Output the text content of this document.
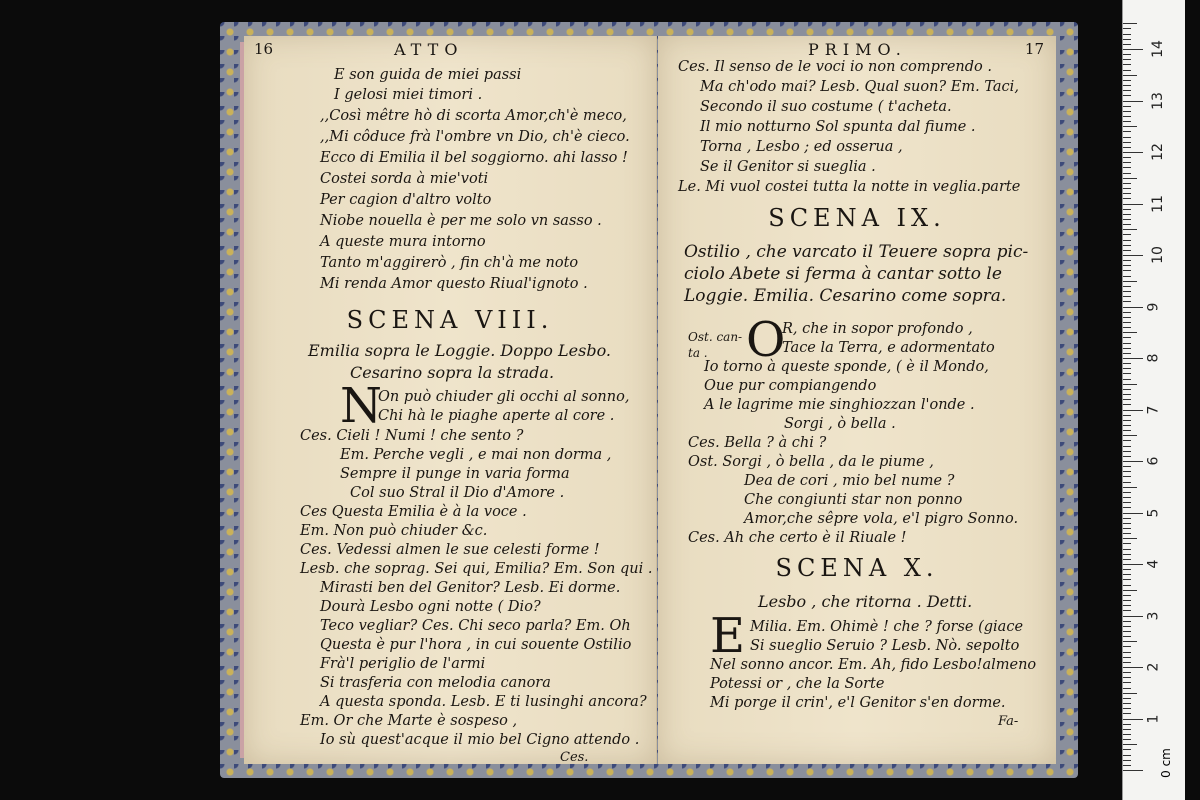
16	ATTO
E son guida de miei passi
I gelosi miei timori .
,,Così mêtre hò di scorta Amor,ch'è meco,
,,Mi côduce frà l'ombre vn Dio, ch'è cieco.
Ecco di Emilia il bel soggiorno. ahi lasso !
Costei sorda à mie'voti
Per cagion d'altro volto
Niobe nouella è per me solo vn sasso .
A queste mura intorno
Tanto m'aggirerò , fin ch'à me noto
Mi renda Amor questo Riual'ignoto .
SCENA VIII.
Emilia sopra le Loggie. Doppo Lesbo.
Cesarino sopra la strada.
N
On può chiuder gli occhi al sonno,
Chi hà le piaghe aperte al core .
Ces. Cieli ! Numi ! che sento ?
Em. Perche vegli , e mai non dorma ,
Sempre il punge in varia forma
Col suo Stral il Dio d'Amore .
Ces Questa Emilia è à la voce .
Em. Non può chiuder &c.
Ces. Vedessi almen le sue celesti forme !
Lesb. che soprag. Sei qui, Emilia? Em. Son qui .
Mirasti ben del Genitor? Lesb. Ei dorme.
Dourà Lesbo ogni notte ( Dio?
Teco vegliar? Ces. Chi seco parla? Em. Oh
Questa è pur l'hora , in cui souente Ostilio
Frà'l periglio de l'armi
Si trasferia con melodia canora
A questa sponda. Lesb. E ti lusinghi ancora?
Em. Or che Marte è sospeso ,
Io sù quest'acque il mio bel Cigno attendo .
Ces.
PRIMO.	17
Ces. Il senso de le voci io non comprendo .
Ma ch'odo mai? Lesb. Qual suon? Em. Taci,
Secondo il suo costume ( t'acheta.
Il mio notturno Sol spunta dal fiume .
Torna , Lesbo ; ed osserua ,
Se il Genitor si sueglia .
Le. Mi vuol costei tutta la notte in veglia.parte
SCENA IX.
Ostilio , che varcato il Teuere sopra pic-
ciolo Abete si ferma à cantar sotto le
Loggie. Emilia. Cesarino come sopra.
Ost. can-
ta . O
R, che in sopor profondo ,
Tace la Terra, e adormentato
Io torno à queste sponde, ( è il Mondo,
Oue pur compiangendo
A le lagrime mie singhiozzan l'onde .
Sorgi , ò bella .
Ces. Bella ? à chi ?
Ost. Sorgi , ò bella , da le piume ,
Dea de cori , mio bel nume ?
Che congiunti star non ponno
Amor,che sêpre vola, e'l pigro Sonno.
Ces. Ah che certo è il Riuale !
SCENA X.
Lesbo , che ritorna . Detti.
E Milia. Em. Ohimè ! che ? forse (giace
Si sueglio Seruio ? Lesb. Nò. sepolto
Nel sonno ancor. Em. Ah, fido Lesbo!almeno
Potessi or , che la Sorte
Mi porge il crin', e'l Genitor s'en dorme.
Fa-
0 cm
1
2
3
4
5
6
7
8
9
10
11
12
13
14
